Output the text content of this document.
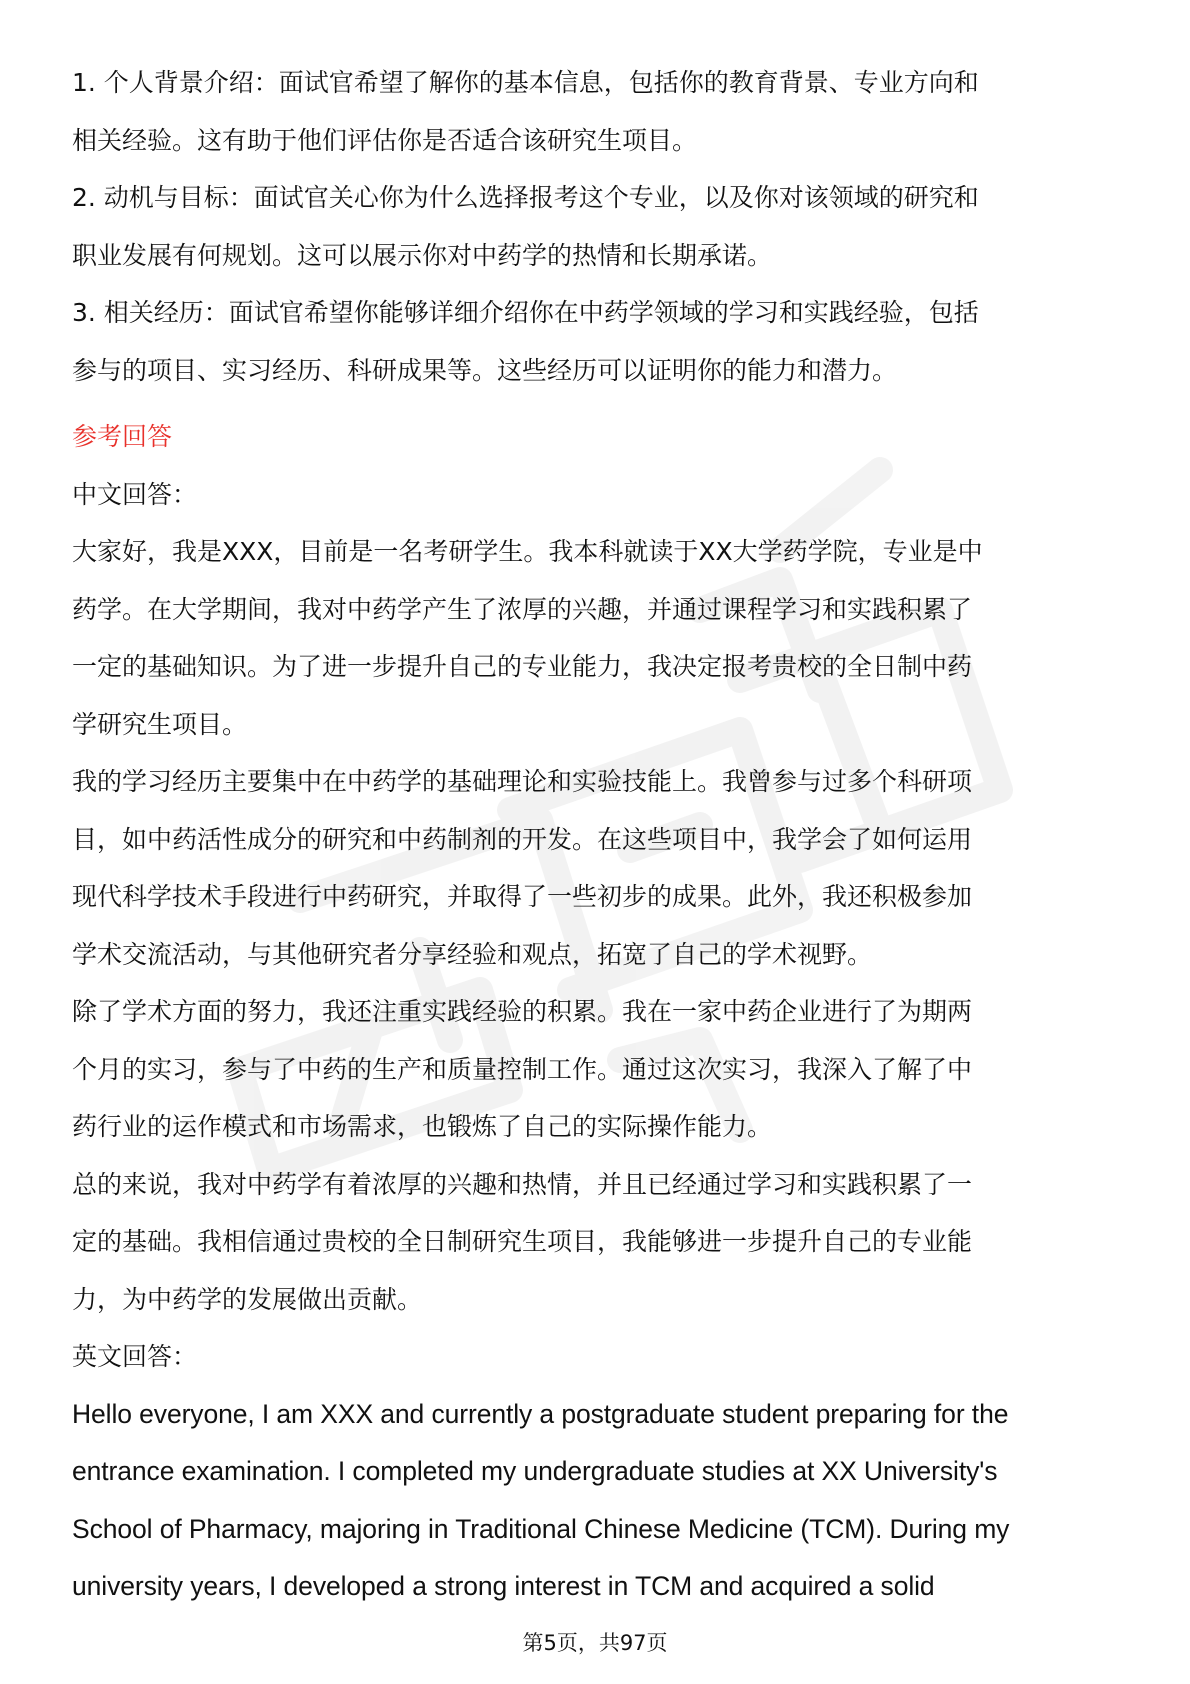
1. 个人背景介绍：面试官希望了解你的基本信息，包括你的教育背景、专业方向和

相关经验。这有助于他们评估你是否适合该研究生项目。

2. 动机与目标：面试官关心你为什么选择报考这个专业，以及你对该领域的研究和

职业发展有何规划。这可以展示你对中药学的热情和长期承诺。

3. 相关经历：面试官希望你能够详细介绍你在中药学领域的学习和实践经验，包括

参与的项目、实习经历、科研成果等。这些经历可以证明你的能力和潜力。

参考回答

中文回答：

大家好，我是XXX，目前是一名考研学生。我本科就读于XX大学药学院，专业是中

药学。在大学期间，我对中药学产生了浓厚的兴趣，并通过课程学习和实践积累了

一定的基础知识。为了进一步提升自己的专业能力，我决定报考贵校的全日制中药

学研究生项目。

我的学习经历主要集中在中药学的基础理论和实验技能上。我曾参与过多个科研项

目，如中药活性成分的研究和中药制剂的开发。在这些项目中，我学会了如何运用

现代科学技术手段进行中药研究，并取得了一些初步的成果。此外，我还积极参加

学术交流活动，与其他研究者分享经验和观点，拓宽了自己的学术视野。

除了学术方面的努力，我还注重实践经验的积累。我在一家中药企业进行了为期两

个月的实习，参与了中药的生产和质量控制工作。通过这次实习，我深入了解了中

药行业的运作模式和市场需求，也锻炼了自己的实际操作能力。

总的来说，我对中药学有着浓厚的兴趣和热情，并且已经通过学习和实践积累了一

定的基础。我相信通过贵校的全日制研究生项目，我能够进一步提升自己的专业能

力，为中药学的发展做出贡献。

英文回答：

Hello everyone, I am XXX and currently a postgraduate student preparing for the

entrance examination. I completed my undergraduate studies at XX University's

School of Pharmacy, majoring in Traditional Chinese Medicine (TCM). During my

university years, I developed a strong interest in TCM and acquired a solid

第5页，共97页
